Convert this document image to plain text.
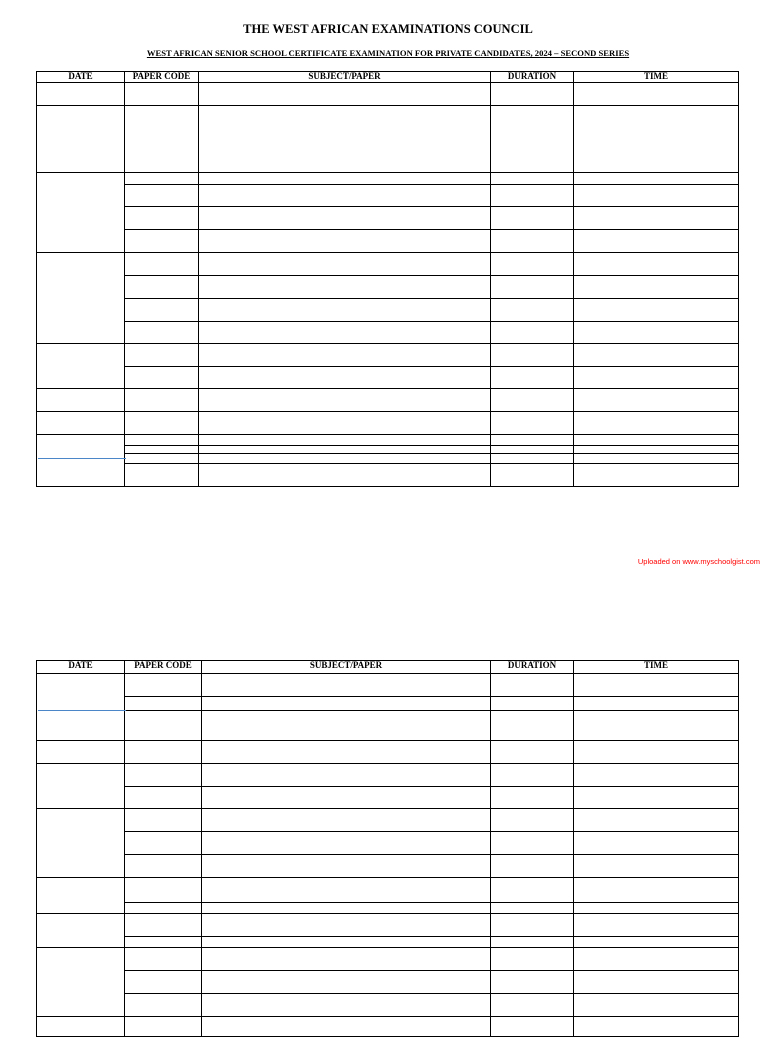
THE WEST AFRICAN EXAMINATIONS COUNCIL
WEST AFRICAN SENIOR SCHOOL CERTIFICATE EXAMINATION FOR PRIVATE CANDIDATES, 2024 – SECOND SERIES
DATE	PAPER CODE	SUBJECT/PAPER	DURATION	TIME

Uploaded on www.myschoolgist.com
DATE	PAPER CODE	SUBJECT/PAPER	DURATION	TIME
